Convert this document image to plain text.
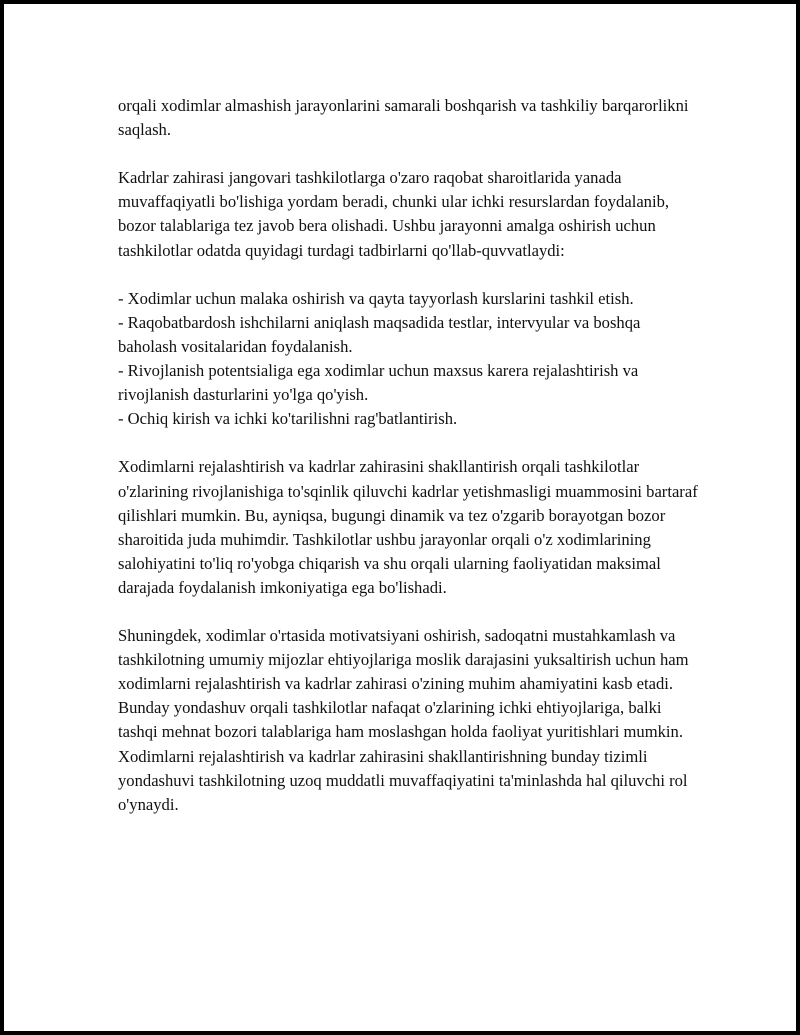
orqali xodimlar almashish jarayonlarini samarali boshqarish va tashkiliy barqarorlikni saqlash.

Kadrlar zahirasi jangovari tashkilotlarga o'zaro raqobat sharoitlarida yanada muvaffaqiyatli bo'lishiga yordam beradi, chunki ular ichki resurslardan foydalanib, bozor talablariga tez javob bera olishadi. Ushbu jarayonni amalga oshirish uchun tashkilotlar odatda quyidagi turdagi tadbirlarni qo'llab-quvvatlaydi:

- Xodimlar uchun malaka oshirish va qayta tayyorlash kurslarini tashkil etish.
- Raqobatbardosh ishchilarni aniqlash maqsadida testlar, intervyular va boshqa baholash vositalaridan foydalanish.
- Rivojlanish potentsialiga ega xodimlar uchun maxsus karera rejalashtirish va rivojlanish dasturlarini yo'lga qo'yish.
- Ochiq kirish va ichki ko'tarilishni rag'batlantirish.

Xodimlarni rejalashtirish va kadrlar zahirasini shakllantirish orqali tashkilotlar o'zlarining rivojlanishiga to'sqinlik qiluvchi kadrlar yetishmasligi muammosini bartaraf qilishlari mumkin. Bu, ayniqsa, bugungi dinamik va tez o'zgarib borayotgan bozor sharoitida juda muhimdir. Tashkilotlar ushbu jarayonlar orqali o'z xodimlarining salohiyatini to'liq ro'yobga chiqarish va shu orqali ularning faoliyatidan maksimal darajada foydalanish imkoniyatiga ega bo'lishadi.

Shuningdek, xodimlar o'rtasida motivatsiyani oshirish, sadoqatni mustahkamlash va tashkilotning umumiy mijozlar ehtiyojlariga moslik darajasini yuksaltirish uchun ham xodimlarni rejalashtirish va kadrlar zahirasi o'zining muhim ahamiyatini kasb etadi. Bunday yondashuv orqali tashkilotlar nafaqat o'zlarining ichki ehtiyojlariga, balki tashqi mehnat bozori talablariga ham moslashgan holda faoliyat yuritishlari mumkin. Xodimlarni rejalashtirish va kadrlar zahirasini shakllantirishning bunday tizimli yondashuvi tashkilotning uzoq muddatli muvaffaqiyatini ta'minlashda hal qiluvchi rol o'ynaydi.
